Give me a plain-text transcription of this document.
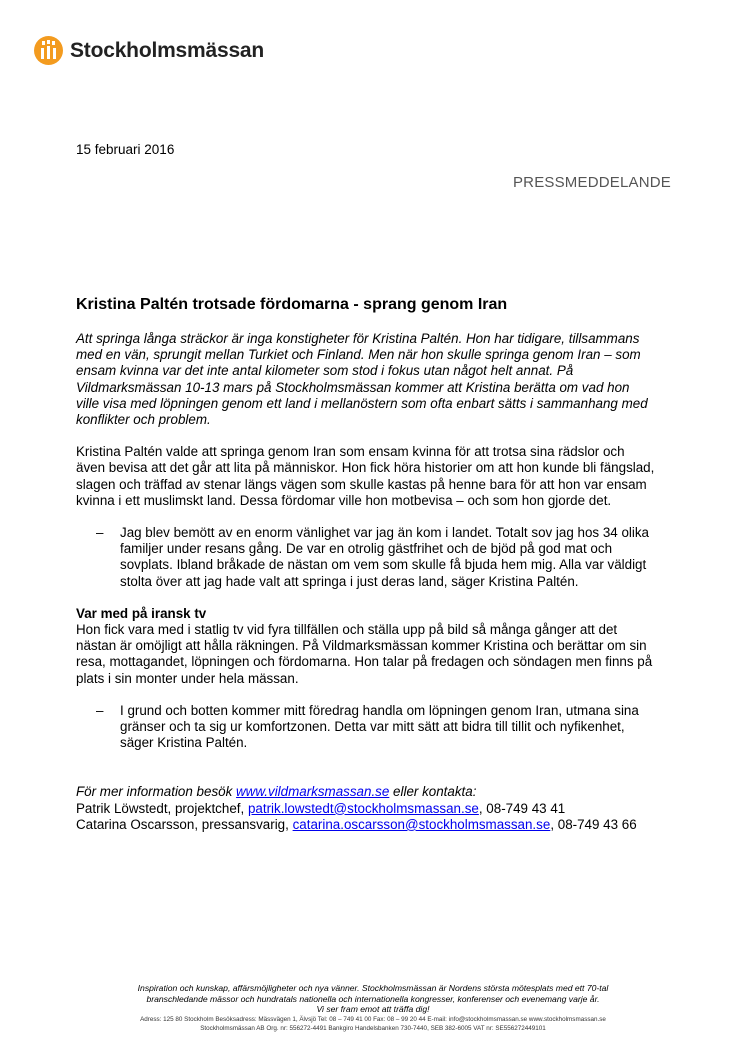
Stockholmsmässan
15 februari 2016
PRESSMEDDELANDE
Kristina Paltén trotsade fördomarna - sprang genom Iran

Att springa långa sträckor är inga konstigheter för Kristina Paltén. Hon har tidigare, tillsammans
med en vän, sprungit mellan Turkiet och Finland. Men när hon skulle springa genom Iran – som
ensam kvinna var det inte antal kilometer som stod i fokus utan något helt annat. På
Vildmarksmässan 10-13 mars på Stockholmsmässan kommer att Kristina berätta om vad hon
ville visa med löpningen genom ett land i mellanöstern som ofta enbart sätts i sammanhang med
konflikter och problem.

Kristina Paltén valde att springa genom Iran som ensam kvinna för att trotsa sina rädslor och
även bevisa att det går att lita på människor. Hon fick höra historier om att hon kunde bli fängslad,
slagen och träffad av stenar längs vägen som skulle kastas på henne bara för att hon var ensam
kvinna i ett muslimskt land. Dessa fördomar ville hon motbevisa – och som hon gjorde det.

–	Jag blev bemött av en enorm vänlighet var jag än kom i landet. Totalt sov jag hos 34 olika
familjer under resans gång. De var en otrolig gästfrihet och de bjöd på god mat och
sovplats. Ibland bråkade de nästan om vem som skulle få bjuda hem mig. Alla var väldigt
stolta över att jag hade valt att springa i just deras land, säger Kristina Paltén.

Var med på iransk tv

Hon fick vara med i statlig tv vid fyra tillfällen och ställa upp på bild så många gånger att det
nästan är omöjligt att hålla räkningen. På Vildmarksmässan kommer Kristina och berättar om sin
resa, mottagandet, löpningen och fördomarna. Hon talar på fredagen och söndagen men finns på
plats i sin monter under hela mässan.

–	I grund och botten kommer mitt föredrag handla om löpningen genom Iran, utmana sina
gränser och ta sig ur komfortzonen. Detta var mitt sätt att bidra till tillit och nyfikenhet,
säger Kristina Paltén.

För mer information besök www.vildmarksmassan.se eller kontakta:
Patrik Löwstedt, projektchef, patrik.lowstedt@stockholmsmassan.se, 08-749 43 41
Catarina Oscarsson, pressansvarig, catarina.oscarsson@stockholmsmassan.se, 08-749 43 66

Inspiration och kunskap, affärsmöjligheter och nya vänner. Stockholmsmässan är Nordens största mötesplats med ett 70-tal
branschledande mässor och hundratals nationella och internationella kongresser, konferenser och evenemang varje år.
Vi ser fram emot att träffa dig!
Adress: 125 80 Stockholm Besöksadress: Mässvägen 1, Älvsjö Tel: 08 – 749 41 00 Fax: 08 – 99 20 44 E-mail: info@stockholmsmassan.se www.stockholmsmassan.se
Stockholmsmässan AB Org. nr: 556272-4491 Bankgiro Handelsbanken 730-7440, SEB 382-6005 VAT nr: SE556272449101
